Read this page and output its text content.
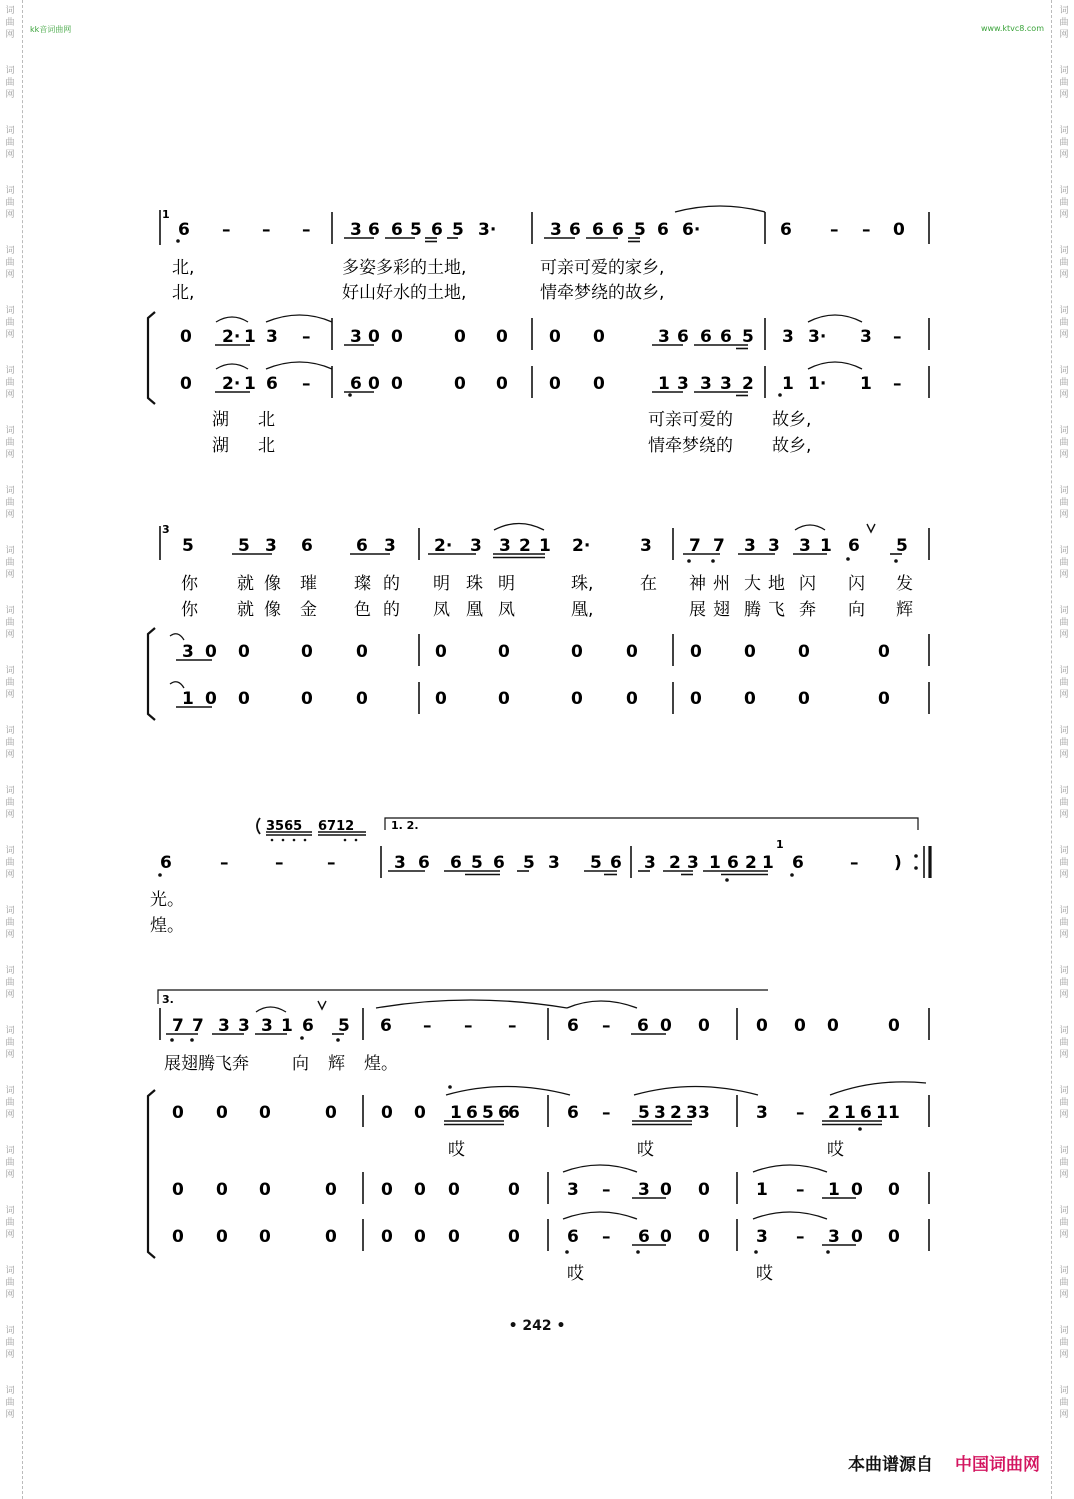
词
曲
网
词
曲
网
词
曲
网
词
曲
网
词
曲
网
词
曲
网
词
曲
网
词
曲
网
词
曲
网
词
曲
网
词
曲
网
词
曲
网
词
曲
网
词
曲
网
词
曲
网
词
曲
网
词
曲
网
词
曲
网
词
曲
网
词
曲
网
词
曲
网
词
曲
网
词
曲
网
词
曲
网
词
曲
网
词
曲
网
词
曲
网
词
曲
网
词
曲
网
词
曲
网
词
曲
网
词
曲
网
词
曲
网
词
曲
网
词
曲
网
词
曲
网
词
曲
网
词
曲
网
词
曲
网
词
曲
网
词
曲
网
词
曲
网
词
曲
网
词
曲
网
词
曲
网
词
曲
网
词
曲
网
词
曲
网
kk音词曲网	www.ktvc8.com
1
3
1. 2.
3.
3565 6712
1
6 – – – 3 6 6 5 6 5 3·	3 6 6 6 5 6 6·	6 – – 0
北,	多姿多彩的土地,	可亲可爱的家乡,
北,	好山好水的土地,	情牵梦绕的故乡,
0 2· 1 3 – 3 0 0	0 0 0 0	3 6 6 6 5 3 3· 3 –
0 2· 1 6 – 6 0 0	0 0 0 0	1 3 3 3 2 1 1· 1 –
湖 北	可亲可爱的 故乡,
湖 北	情牵梦绕的 故乡,
5	5 3 6	6 3 2· 3 3 2 1 2·	3 7 7 3 3 3 1 6 5
你 就 像 璀 璨 的 明 珠 明	珠,	在 神 州 大 地 闪 闪 发
你 就 像 金 色 的 凤 凰 凤	凰,	展 翅 腾 飞 奔 向 辉
3 0 0	0	0	0	0	0	0	0 0 0	0
1 0 0	0	0	0	0	0	0	0 0 0	0
6	–	–	–	3 6 6 5 6 5 3 5 6 3 2 3 1 6 2 1 6	– )
光。
煌。
7 7 3 3 3 1 6 5 6 – – –	6 – 6 0 0	0 0 0	0
展翅腾飞奔	向 辉 煌。
0 0 0	0	0 0 1 6 5 6
6	6 – 5 3 2 3 3	3 – 2 1 6 1 1
哎	哎	哎
0 0 0	0	0 0 0	0	3 – 3 0 0	1 – 1 0 0
0 0 0	0	0 0 0	0	6 – 6 0 0	3 – 3 0 0
哎	哎
• 242 •
本曲谱源自 中国词曲网
